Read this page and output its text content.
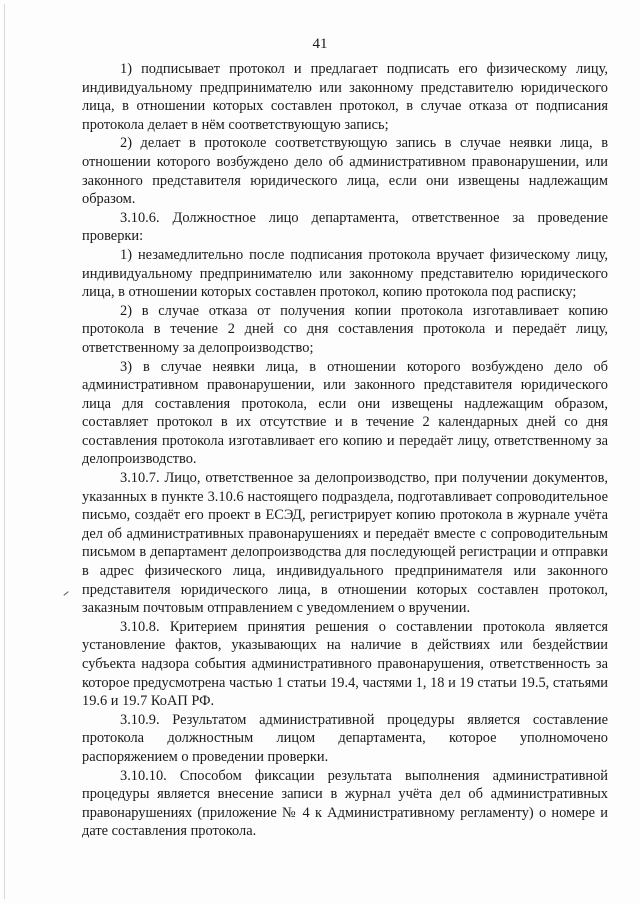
41

1) подписывает протокол и предлагает подписать его физическому лицу, индивидуальному предпринимателю или законному представителю юридического лица, в отношении которых составлен протокол, в случае отказа от подписания протокола делает в нём соответствующую запись;

2) делает в протоколе соответствующую запись в случае неявки лица, в отношении которого возбуждено дело об административном правонарушении, или законного представителя юридического лица, если они извещены надлежащим образом.

3.10.6. Должностное лицо департамента, ответственное за проведение проверки:

1) незамедлительно после подписания протокола вручает физическому лицу, индивидуальному предпринимателю или законному представителю юридического лица, в отношении которых составлен протокол, копию протокола под расписку;

2) в случае отказа от получения копии протокола изготавливает копию протокола в течение 2 дней со дня составления протокола и передаёт лицу, ответственному за делопроизводство;

3) в случае неявки лица, в отношении которого возбуждено дело об административном правонарушении, или законного представителя юридического лица для составления протокола, если они извещены надлежащим образом, составляет протокол в их отсутствие и в течение 2 календарных дней со дня составления протокола изготавливает его копию и передаёт лицу, ответственному за делопроизводство.

3.10.7. Лицо, ответственное за делопроизводство, при получении документов, указанных в пункте 3.10.6 настоящего подраздела, подготавливает сопроводительное письмо, создаёт его проект в ЕСЭД, регистрирует копию протокола в журнале учёта дел об административных правонарушениях и передаёт вместе с сопроводительным письмом в департамент делопроизводства для последующей регистрации и отправки в адрес физического лица, индивидуального предпринимателя или законного представителя юридического лица, в отношении которых составлен протокол, заказным почтовым отправлением с уведомлением о вручении.

3.10.8. Критерием принятия решения о составлении протокола является установление фактов, указывающих на наличие в действиях или бездействии субъекта надзора события административного правонарушения, ответственность за которое предусмотрена частью 1 статьи 19.4, частями 1, 18 и 19 статьи 19.5, статьями 19.6 и 19.7 КоАП РФ.

3.10.9. Результатом административной процедуры является составление протокола должностным лицом департамента, которое уполномочено распоряжением о проведении проверки.

3.10.10. Способом фиксации результата выполнения административной процедуры является внесение записи в журнал учёта дел об административных правонарушениях (приложение № 4 к Административному регламенту) о номере и дате составления протокола.
